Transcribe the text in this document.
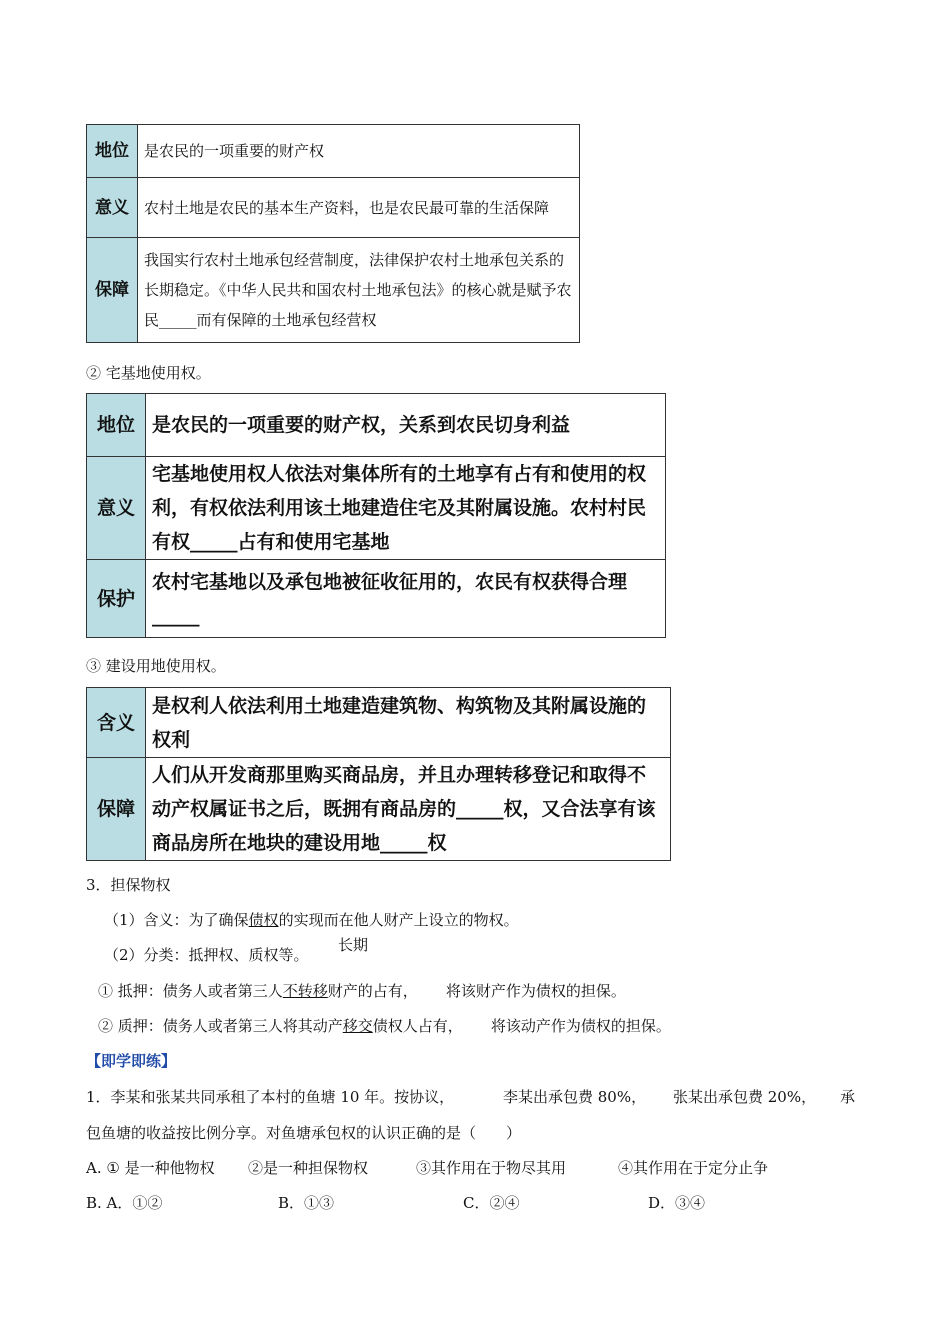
地位	是农民的一项重要的财产权
意义	农村土地是农民的基本生产资料，也是农民最可靠的生活保障
保障	我国实行农村土地承包经营制度，法律保护农村土地承包关系的长期稳定。《中华人民共和国农村土地承包法》的核心就是赋予农民_____而有保障的土地承包经营权
② 宅基地使用权。
地位	是农民的一项重要的财产权，关系到农民切身利益
意义	宅基地使用权人依法对集体所有的土地享有占有和使用的权利，有权依法利用该土地建造住宅及其附属设施。农村村民有权_____占有和使用宅基地
保护	农村宅基地以及承包地被征收征用的，农民有权获得合理_____
③ 建设用地使用权。
含义	是权利人依法利用土地建造建筑物、构筑物及其附属设施的权利
保障	人们从开发商那里购买商品房，并且办理转移登记和取得不动产权属证书之后，既拥有商品房的_____权，又合法享有该商品房所在地块的建设用地_____权
3．担保物权
（1）含义：为了确保债权的实现而在他人财产上设立的物权。
（2）分类：抵押权、质权等。
长期
① 抵押：债务人或者第三人不转移财产的占有， 将该财产作为债权的担保。
② 质押：债务人或者第三人将其动产移交债权人占有， 将该动产作为债权的担保。
【即学即练】
1．李某和张某共同承租了本村的鱼塘 10 年。按协议，	李某出承包费 80%， 张某出承包费 20%， 承
包鱼塘的收益按比例分享。对鱼塘承包权的认识正确的是（　　）
A. ① 是一种他物权 ②是一种担保物权	③其作用在于物尽其用	④其作用在于定分止争
B. A．①②	B．①③	C．②④	D．③④
